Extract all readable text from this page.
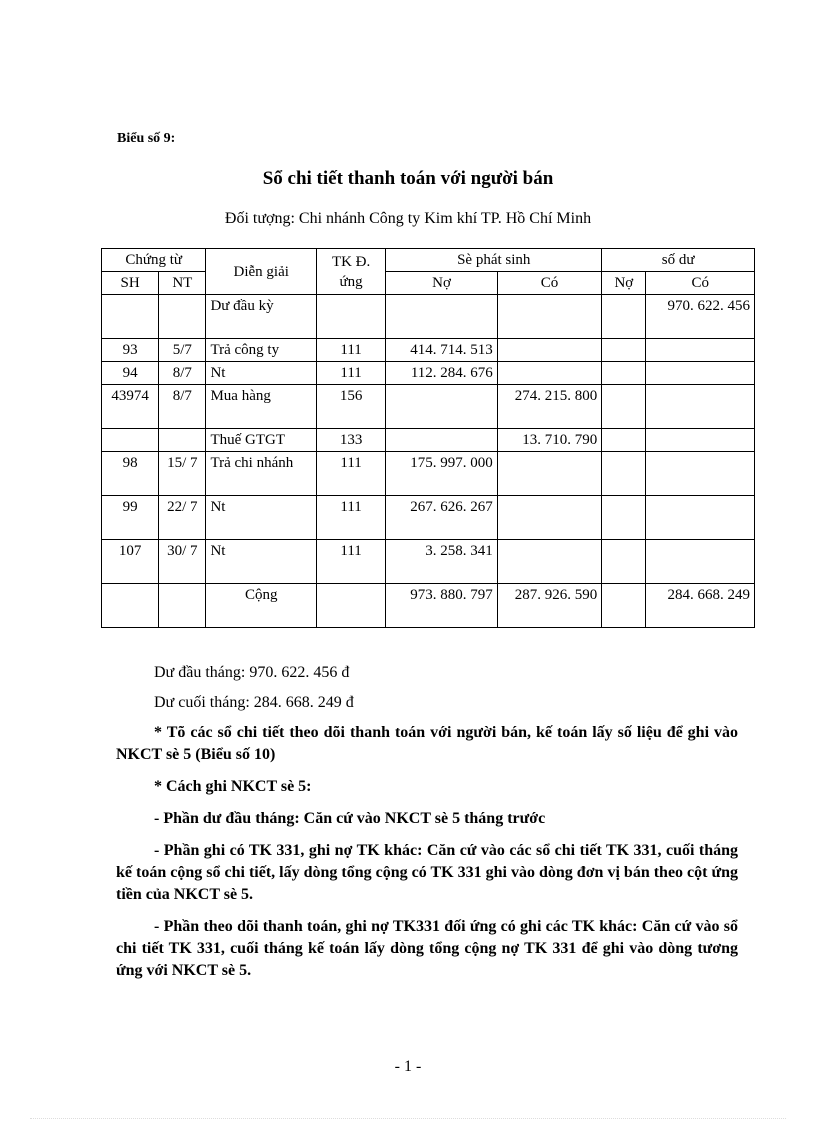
Biểu số 9:
Sổ chi tiết thanh toán với người bán
Đối tượng: Chi nhánh Công ty Kim khí TP. Hồ Chí Minh
Chứng từ		Diễn giải	TK Đ. ứng	Sè phát sinh		số dư	
SH	NT			Nợ	Có	Nợ	Có
		Dư đầu kỳ					970. 622. 456
93	5/7	Trả công ty	111	414. 714. 513			
94	8/7	Nt	111	112. 284. 676			
43974	8/7	Mua hàng	156		274. 215. 800		
		Thuế GTGT	133		13. 710. 790		
98	15/ 7	Trả chi nhánh	111	175. 997. 000			
99	22/ 7	Nt	111	267. 626. 267			
107	30/ 7	Nt	111	3. 258. 341			
		Cộng		973. 880. 797	287. 926. 590		284. 668. 249
Dư đầu tháng: 970. 622. 456 đ
Dư cuối tháng: 284. 668. 249 đ
* Tõ các sổ chi tiết theo dõi thanh toán với người bán, kế toán lấy số liệu để ghi vào NKCT sè 5 (Biểu số 10)
* Cách ghi NKCT sè 5:
- Phần dư đầu tháng: Căn cứ vào NKCT sè 5 tháng trước
- Phần ghi có TK 331, ghi nợ TK khác: Căn cứ vào các sổ chi tiết TK 331, cuối tháng kế toán cộng sổ chi tiết, lấy dòng tổng cộng có TK 331 ghi vào dòng đơn vị bán theo cột ứng tiền của NKCT sè 5.
- Phần theo dõi thanh toán, ghi nợ TK331 đối ứng có ghi các TK khác: Căn cứ vào sổ chi tiết TK 331, cuối tháng kế toán lấy dòng tổng cộng nợ TK 331 để ghi vào dòng tương ứng với NKCT sè 5.
- 1 -
